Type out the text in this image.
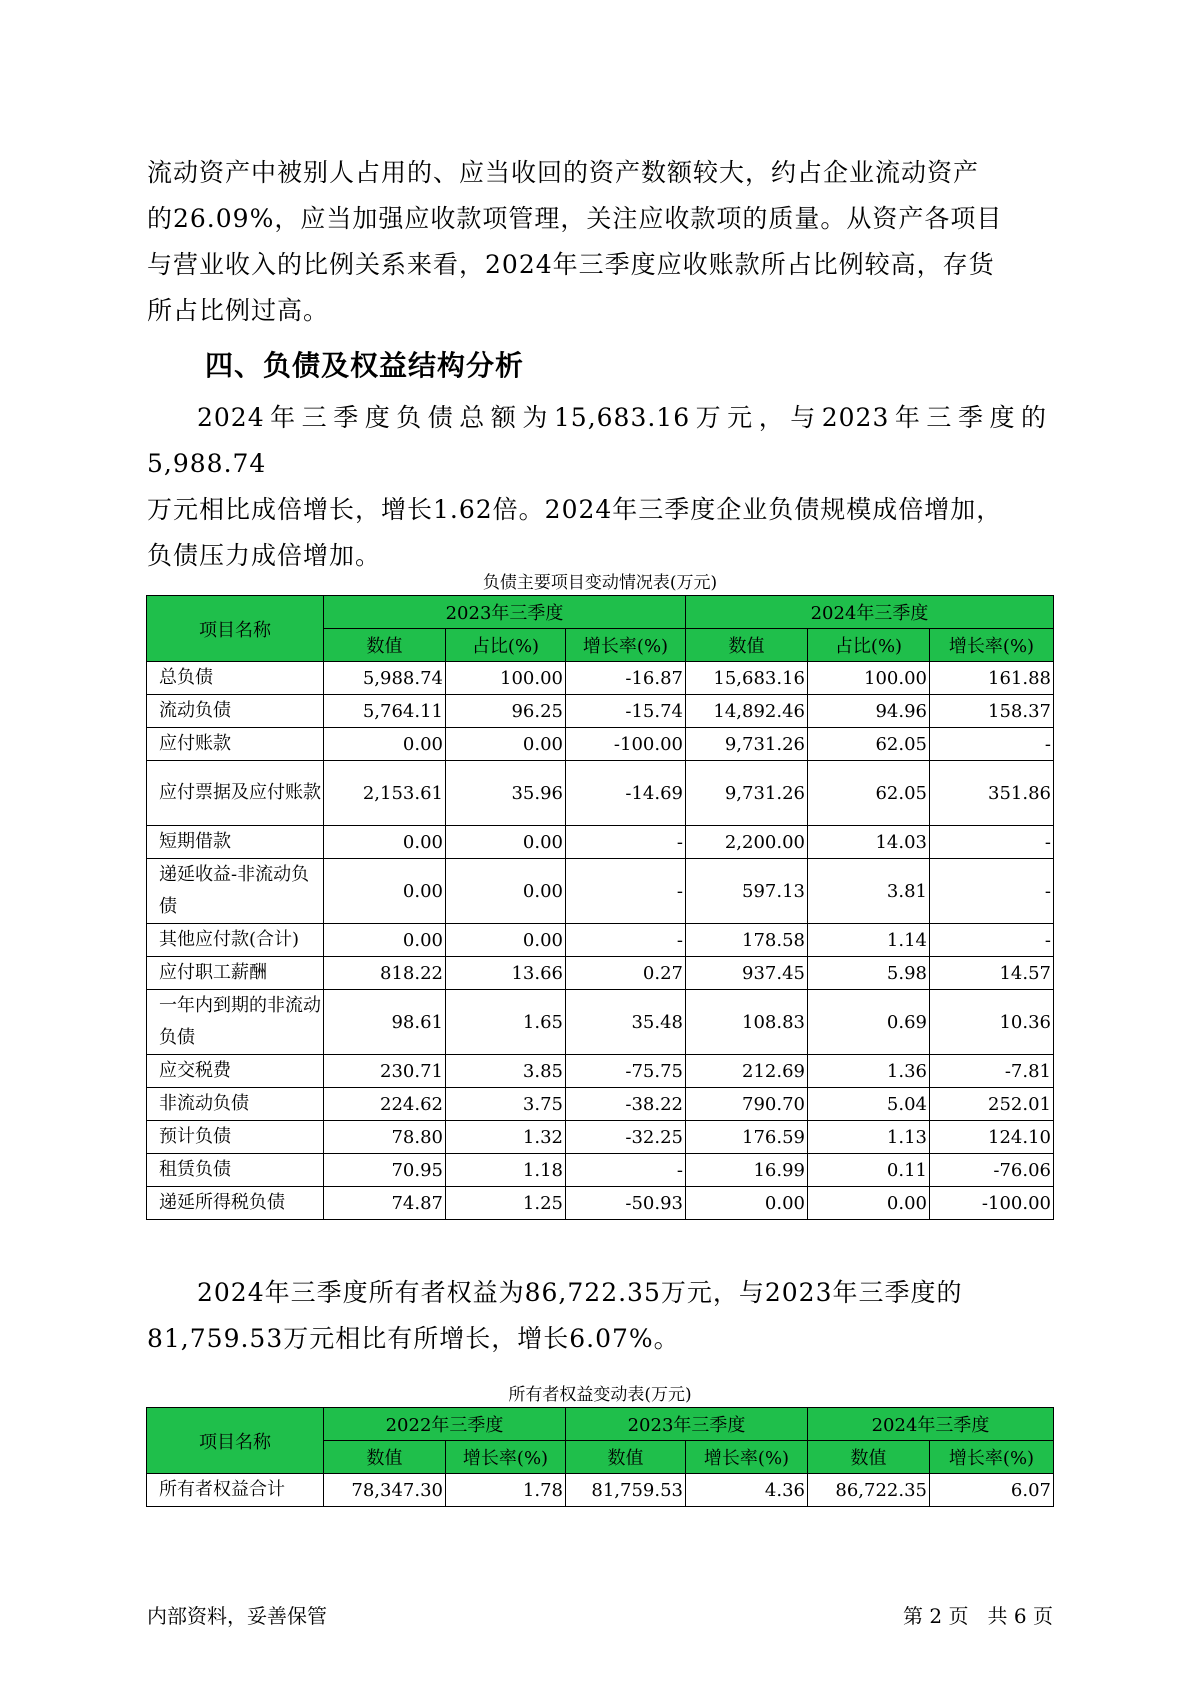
流动资产中被别人占用的、应当收回的资产数额较大，约占企业流动资产
的26.09%，应当加强应收款项管理，关注应收款项的质量。从资产各项目
与营业收入的比例关系来看，2024年三季度应收账款所占比例较高，存货
所占比例过高。
四、负债及权益结构分析
2024年三季度负债总额为15,683.16万元，与2023年三季度的5,988.74
万元相比成倍增长，增长1.62倍。2024年三季度企业负债规模成倍增加，
负债压力成倍增加。
负债主要项目变动情况表(万元)
项目名称	2023年三季度			2024年三季度		
	数值	占比(%)	增长率(%)	数值	占比(%)	增长率(%)
总负债	5,988.74	100.00	-16.87	15,683.16	100.00	161.88
流动负债	5,764.11	96.25	-15.74	14,892.46	94.96	158.37
应付账款	0.00	0.00	-100.00	9,731.26	62.05	-
应付票据及应付账款	2,153.61	35.96	-14.69	9,731.26	62.05	351.86
短期借款	0.00	0.00	-	2,200.00	14.03	-
递延收益-非流动负债	0.00	0.00	-	597.13	3.81	-
其他应付款(合计)	0.00	0.00	-	178.58	1.14	-
应付职工薪酬	818.22	13.66	0.27	937.45	5.98	14.57
一年内到期的非流动负债	98.61	1.65	35.48	108.83	0.69	10.36
应交税费	230.71	3.85	-75.75	212.69	1.36	-7.81
非流动负债	224.62	3.75	-38.22	790.70	5.04	252.01
预计负债	78.80	1.32	-32.25	176.59	1.13	124.10
租赁负债	70.95	1.18	-	16.99	0.11	-76.06
递延所得税负债	74.87	1.25	-50.93	0.00	0.00	-100.00
2024年三季度所有者权益为86,722.35万元，与2023年三季度的
81,759.53万元相比有所增长，增长6.07%。
所有者权益变动表(万元)
项目名称	2022年三季度		2023年三季度		2024年三季度	
	数值	增长率(%)	数值	增长率(%)	数值	增长率(%)
所有者权益合计	78,347.30	1.78	81,759.53	4.36	86,722.35	6.07
内部资料，妥善保管	第 2 页   共 6 页
